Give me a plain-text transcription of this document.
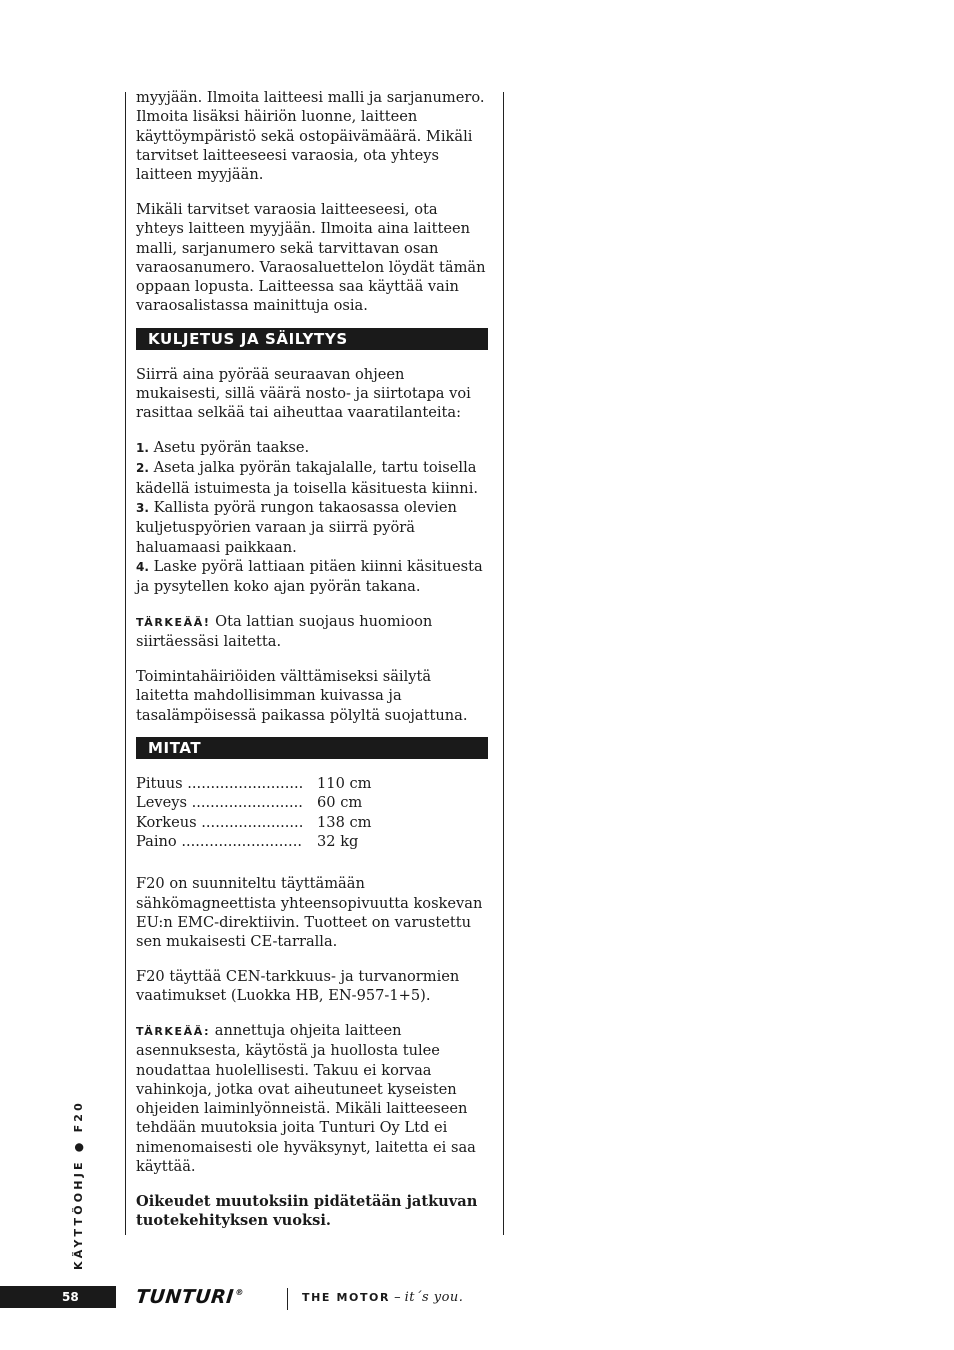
myyjään. Ilmoita laitteesi malli ja sarjanumero. Ilmoita lisäksi häiriön luonne, laitteen käyttöympäristö sekä ostopäivämäärä. Mikäli tarvitset laitteeseesi varaosia, ota yhteys laitteen myyjään.

Mikäli tarvitset varaosia laitteeseesi, ota yhteys laitteen myyjään. Ilmoita aina laitteen malli, sarjanumero sekä tarvittavan osan varaosanumero. Varaosaluettelon löydät tämän oppaan lopusta. Laitteessa saa käyttää vain varaosalistassa mainittuja osia.

KULJETUS JA SÄILYTYS

Siirrä aina pyörää seuraavan ohjeen mukaisesti, sillä väärä nosto- ja siirtotapa voi rasittaa selkää tai aiheuttaa vaaratilanteita:

1. Asetu pyörän taakse.

2. Aseta jalka pyörän takajalalle, tartu toisella kädellä istuimesta ja toisella käsituesta kiinni.

3. Kallista pyörä rungon takaosassa olevien kuljetuspyörien varaan ja siirrä pyörä haluamaasi paikkaan.

4. Laske pyörä lattiaan pitäen kiinni käsituesta ja pysytellen koko ajan pyörän takana.

TÄRKEÄÄ! Ota lattian suojaus huomioon siirtäessäsi laitetta.

Toimintahäiriöiden välttämiseksi säilytä laitetta mahdollisimman kuivassa ja tasalämpöisessä paikassa pölyltä suojattuna.

MITAT
Pituus ......................... 110 cm
Leveys ........................ 60 cm
Korkeus ...................... 138 cm
Paino ..........................	32 kg

F20 on suunniteltu täyttämään sähkömagneettista yhteensopivuutta koskevan EU:n EMC-direktiivin. Tuotteet on varustettu sen mukaisesti CE-tarralla.

F20 täyttää CEN-tarkkuus- ja turvanormien vaatimukset (Luokka HB, EN-957-1+5).

TÄRKEÄÄ: annettuja ohjeita laitteen asennuksesta, käytöstä ja huollosta tulee noudattaa huolellisesti. Takuu ei korvaa vahinkoja, jotka ovat aiheutuneet kyseisten ohjeiden laiminlyönneistä. Mikäli laitteeseen tehdään muutoksia joita Tunturi Oy Ltd ei nimenomaisesti ole hyväksynyt, laitetta ei saa käyttää.

Oikeudet muutoksiin pidätetään jatkuvan tuotekehityksen vuoksi.

KÄYTTÖOHJE ● F20
58	TUNTURI®	THE MOTOR – it´s you.
